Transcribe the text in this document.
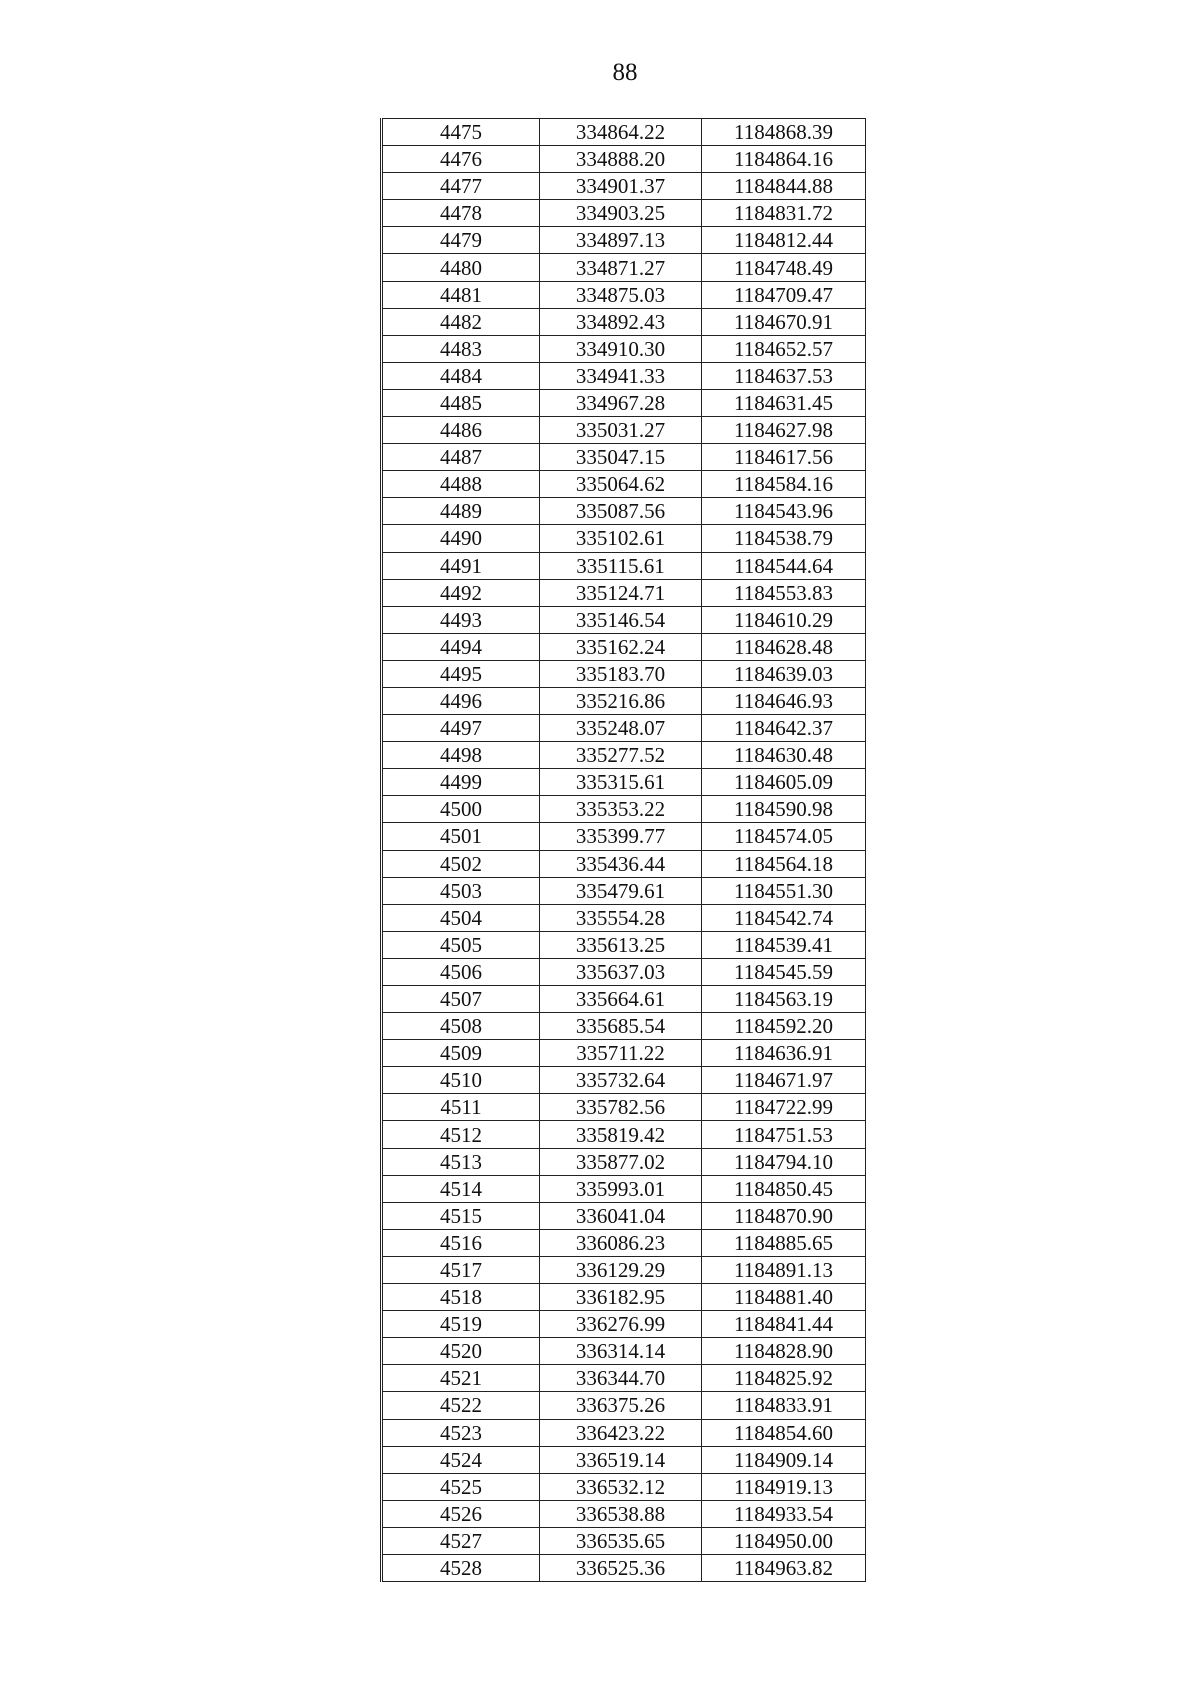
88
4475	334864.22	1184868.39
4476	334888.20	1184864.16
4477	334901.37	1184844.88
4478	334903.25	1184831.72
4479	334897.13	1184812.44
4480	334871.27	1184748.49
4481	334875.03	1184709.47
4482	334892.43	1184670.91
4483	334910.30	1184652.57
4484	334941.33	1184637.53
4485	334967.28	1184631.45
4486	335031.27	1184627.98
4487	335047.15	1184617.56
4488	335064.62	1184584.16
4489	335087.56	1184543.96
4490	335102.61	1184538.79
4491	335115.61	1184544.64
4492	335124.71	1184553.83
4493	335146.54	1184610.29
4494	335162.24	1184628.48
4495	335183.70	1184639.03
4496	335216.86	1184646.93
4497	335248.07	1184642.37
4498	335277.52	1184630.48
4499	335315.61	1184605.09
4500	335353.22	1184590.98
4501	335399.77	1184574.05
4502	335436.44	1184564.18
4503	335479.61	1184551.30
4504	335554.28	1184542.74
4505	335613.25	1184539.41
4506	335637.03	1184545.59
4507	335664.61	1184563.19
4508	335685.54	1184592.20
4509	335711.22	1184636.91
4510	335732.64	1184671.97
4511	335782.56	1184722.99
4512	335819.42	1184751.53
4513	335877.02	1184794.10
4514	335993.01	1184850.45
4515	336041.04	1184870.90
4516	336086.23	1184885.65
4517	336129.29	1184891.13
4518	336182.95	1184881.40
4519	336276.99	1184841.44
4520	336314.14	1184828.90
4521	336344.70	1184825.92
4522	336375.26	1184833.91
4523	336423.22	1184854.60
4524	336519.14	1184909.14
4525	336532.12	1184919.13
4526	336538.88	1184933.54
4527	336535.65	1184950.00
4528	336525.36	1184963.82
